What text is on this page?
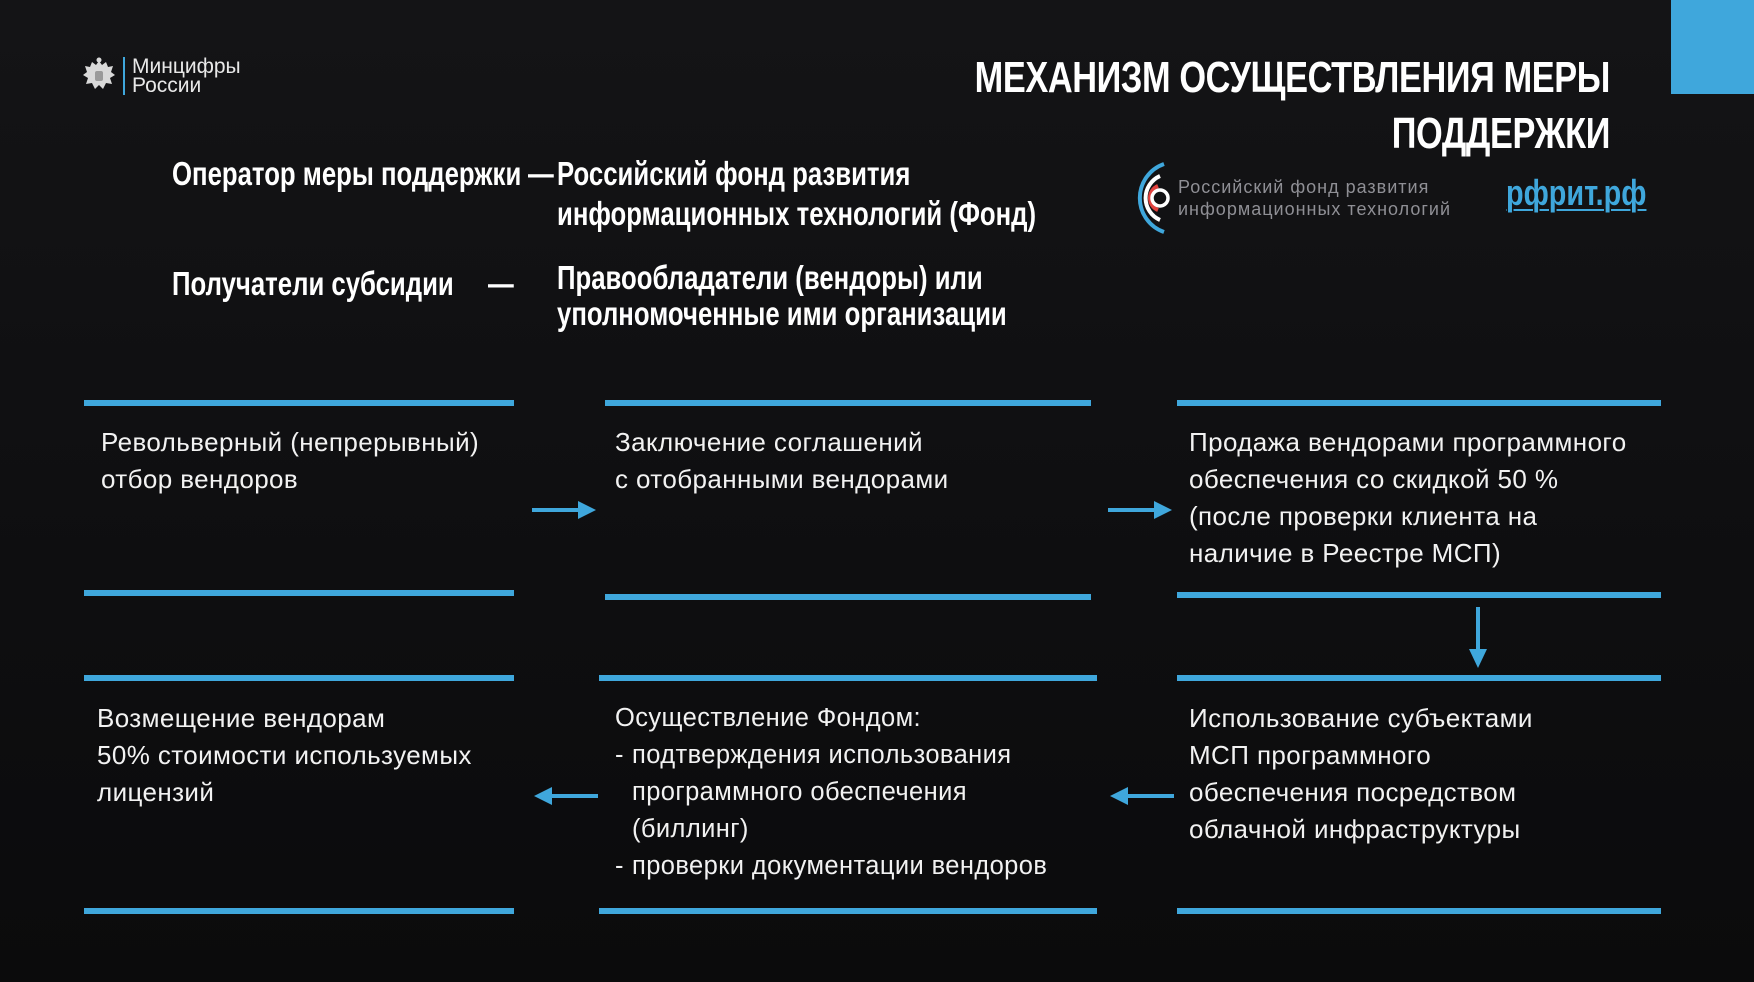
Минцифры
России	МЕХАНИЗМ ОСУЩЕСТВЛЕНИЯ МЕРЫ ПОДДЕРЖКИ
Оператор меры поддержки — Российский фонд развития
информационных технологий (Фонд)
Получатели субсидии — Правообладатели (вендоры) или
уполномоченные ими организации
Российский фонд развития
информационных технологий рфрит.рф
Револьверный (непрерывный)
отбор вендоров
Заключение соглашений
с отобранными вендорами
Продажа вендорами программного
обеспечения со скидкой 50 %
(после проверки клиента на
наличие в Реестре МСП)
Использование субъектами
МСП программного
обеспечения посредством
облачной инфраструктуры
Осуществление Фондом:
- подтверждения использования
программного обеспечения
(биллинг)
- проверки документации вендоров
Возмещение вендорам
50% стоимости используемых
лицензий
